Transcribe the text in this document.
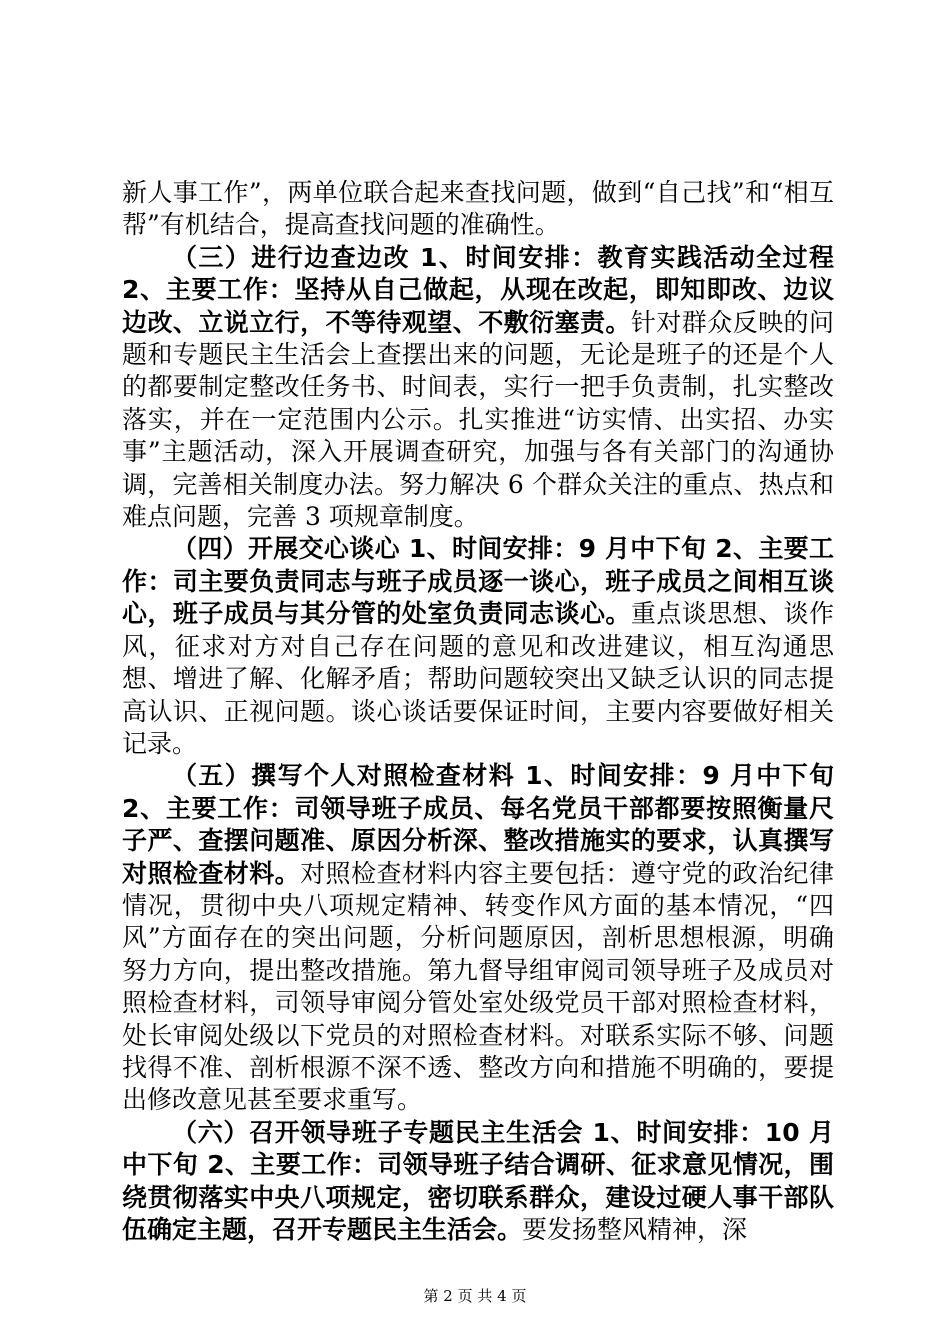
新人事工作”，两单位联合起来查找问题，做到“自己找”和“相互帮”有机结合，提高查找问题的准确性。

（三）进行边查边改 1、时间安排：教育实践活动全过程 2、主要工作：坚持从自己做起，从现在改起，即知即改、边议边改、立说立行，不等待观望、不敷衍塞责。针对群众反映的问题和专题民主生活会上查摆出来的问题，无论是班子的还是个人的都要制定整改任务书、时间表，实行一把手负责制，扎实整改落实，并在一定范围内公示。扎实推进“访实情、出实招、办实事”主题活动，深入开展调查研究，加强与各有关部门的沟通协调，完善相关制度办法。努力解决 6 个群众关注的重点、热点和难点问题，完善 3 项规章制度。

（四）开展交心谈心 1、时间安排：9 月中下旬 2、主要工作：司主要负责同志与班子成员逐一谈心，班子成员之间相互谈心，班子成员与其分管的处室负责同志谈心。重点谈思想、谈作风，征求对方对自己存在问题的意见和改进建议，相互沟通思想、增进了解、化解矛盾；帮助问题较突出又缺乏认识的同志提高认识、正视问题。谈心谈话要保证时间，主要内容要做好相关记录。

（五）撰写个人对照检查材料 1、时间安排：9 月中下旬 2、主要工作：司领导班子成员、每名党员干部都要按照衡量尺子严、查摆问题准、原因分析深、整改措施实的要求，认真撰写对照检查材料。对照检查材料内容主要包括：遵守党的政治纪律情况，贯彻中央八项规定精神、转变作风方面的基本情况，“四风”方面存在的突出问题，分析问题原因，剖析思想根源，明确努力方向，提出整改措施。第九督导组审阅司领导班子及成员对照检查材料，司领导审阅分管处室处级党员干部对照检查材料，处长审阅处级以下党员的对照检查材料。对联系实际不够、问题找得不准、剖析根源不深不透、整改方向和措施不明确的，要提出修改意见甚至要求重写。

（六）召开领导班子专题民主生活会 1、时间安排：10 月中下旬 2、主要工作：司领导班子结合调研、征求意见情况，围绕贯彻落实中央八项规定，密切联系群众，建设过硬人事干部队伍确定主题，召开专题民主生活会。要发扬整风精神，深

第 2 页 共 4 页
